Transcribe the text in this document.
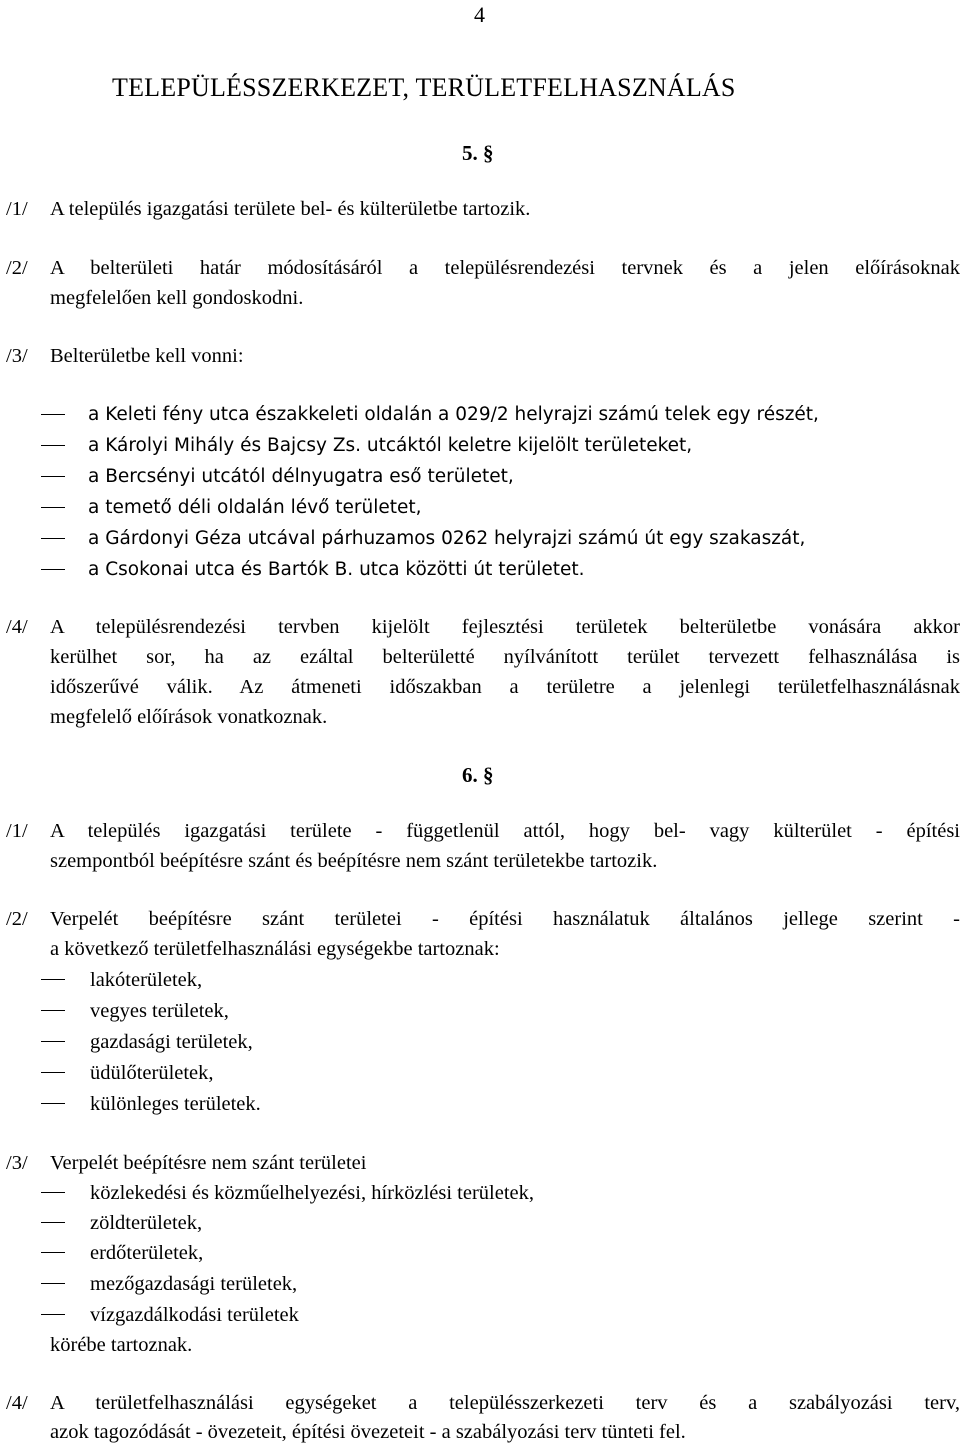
4
TELEPÜLÉSSZERKEZET, TERÜLETFELHASZNÁLÁS
5. §
/1/ A település igazgatási területe bel- és külterületbe tartozik.
/2/ A belterületi határ módosításáról a településrendezési tervnek és a jelen előírásoknak
megfelelően kell gondoskodni.
/3/ Belterületbe kell vonni:
a Keleti fény utca északkeleti oldalán a 029/2 helyrajzi számú telek egy részét,
a Károlyi Mihály és Bajcsy Zs. utcáktól keletre kijelölt területeket,
a Bercsényi utcától délnyugatra eső területet,
a temető déli oldalán lévő területet,
a Gárdonyi Géza utcával párhuzamos 0262 helyrajzi számú út egy szakaszát,
a Csokonai utca és Bartók B. utca közötti út területet.
/4/ A településrendezési tervben kijelölt fejlesztési területek belterületbe vonására akkor
kerülhet sor, ha az ezáltal belterületté nyílvánított terület tervezett felhasználása is
időszerűvé válik. Az átmeneti időszakban a területre a jelenlegi területfelhasználásnak
megfelelő előírások vonatkoznak.
6. §
/1/ A település igazgatási területe - függetlenül attól, hogy bel- vagy külterület - építési
szempontból beépítésre szánt és beépítésre nem szánt területekbe tartozik.
/2/ Verpelét beépítésre szánt területei - építési használatuk általános jellege szerint -
a következő területfelhasználási egységekbe tartoznak:
lakóterületek,
vegyes területek,
gazdasági területek,
üdülőterületek,
különleges területek.
/3/ Verpelét beépítésre nem szánt területei
közlekedési és közműelhelyezési, hírközlési területek,
zöldterületek,
erdőterületek,
mezőgazdasági területek,
vízgazdálkodási területek
körébe tartoznak.
/4/ A területfelhasználási egységeket a településszerkezeti terv és a szabályozási terv,
azok tagozódását - övezeteit, építési övezeteit - a szabályozási terv tünteti fel.
